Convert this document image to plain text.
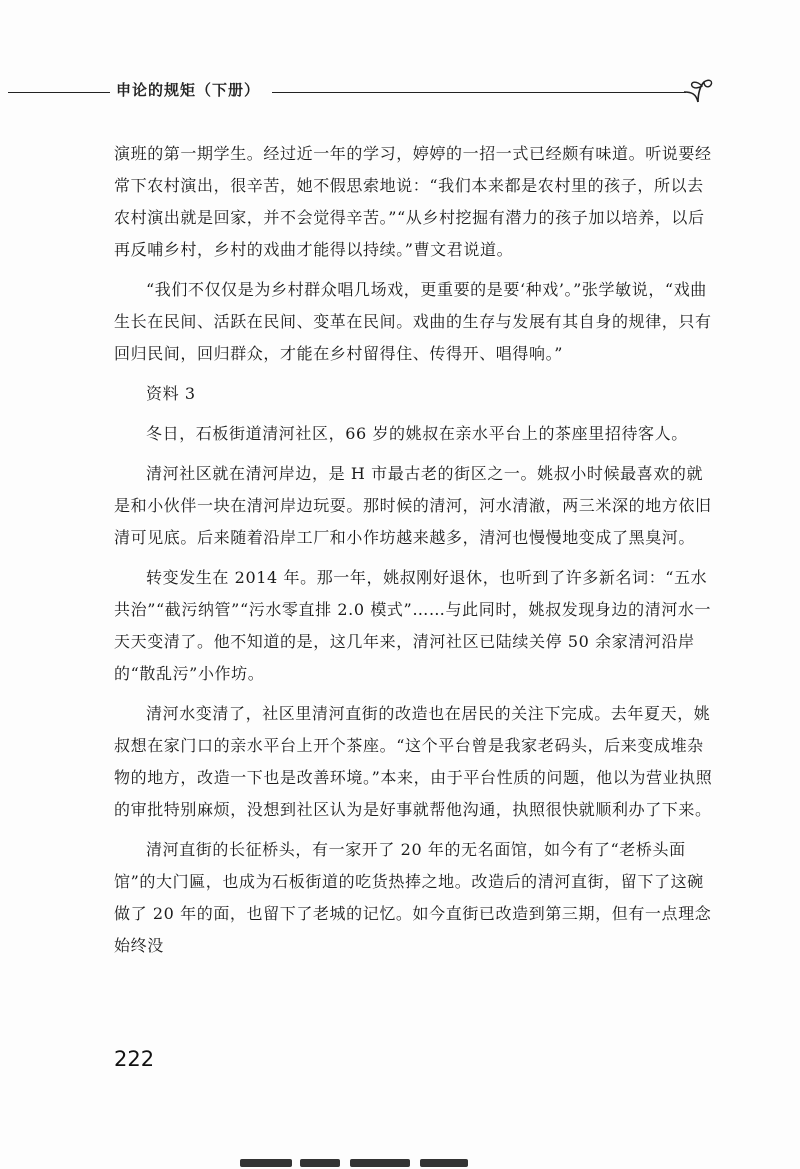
申论的规矩（下册）

演班的第一期学生。经过近一年的学习，婷婷的一招一式已经颇有味道。听说要经常下农村演出，很辛苦，她不假思索地说：“我们本来都是农村里的孩子，所以去农村演出就是回家，并不会觉得辛苦。”“从乡村挖掘有潜力的孩子加以培养，以后再反哺乡村，乡村的戏曲才能得以持续。”曹文君说道。

“我们不仅仅是为乡村群众唱几场戏，更重要的是要‘种戏’。”张学敏说，“戏曲生长在民间、活跃在民间、变革在民间。戏曲的生存与发展有其自身的规律，只有回归民间，回归群众，才能在乡村留得住、传得开、唱得响。”

资料 3

冬日，石板街道清河社区，66 岁的姚叔在亲水平台上的茶座里招待客人。

清河社区就在清河岸边，是 H 市最古老的街区之一。姚叔小时候最喜欢的就是和小伙伴一块在清河岸边玩耍。那时候的清河，河水清澈，两三米深的地方依旧清可见底。后来随着沿岸工厂和小作坊越来越多，清河也慢慢地变成了黑臭河。

转变发生在 2014 年。那一年，姚叔刚好退休，也听到了许多新名词：“五水共治”“截污纳管”“污水零直排 2.0 模式”……与此同时，姚叔发现身边的清河水一天天变清了。他不知道的是，这几年来，清河社区已陆续关停 50 余家清河沿岸的“散乱污”小作坊。

清河水变清了，社区里清河直街的改造也在居民的关注下完成。去年夏天，姚叔想在家门口的亲水平台上开个茶座。“这个平台曾是我家老码头，后来变成堆杂物的地方，改造一下也是改善环境。”本来，由于平台性质的问题，他以为营业执照的审批特别麻烦，没想到社区认为是好事就帮他沟通，执照很快就顺利办了下来。

清河直街的长征桥头，有一家开了 20 年的无名面馆，如今有了“老桥头面馆”的大门匾，也成为石板街道的吃货热捧之地。改造后的清河直街，留下了这碗做了 20 年的面，也留下了老城的记忆。如今直街已改造到第三期，但有一点理念始终没

222
